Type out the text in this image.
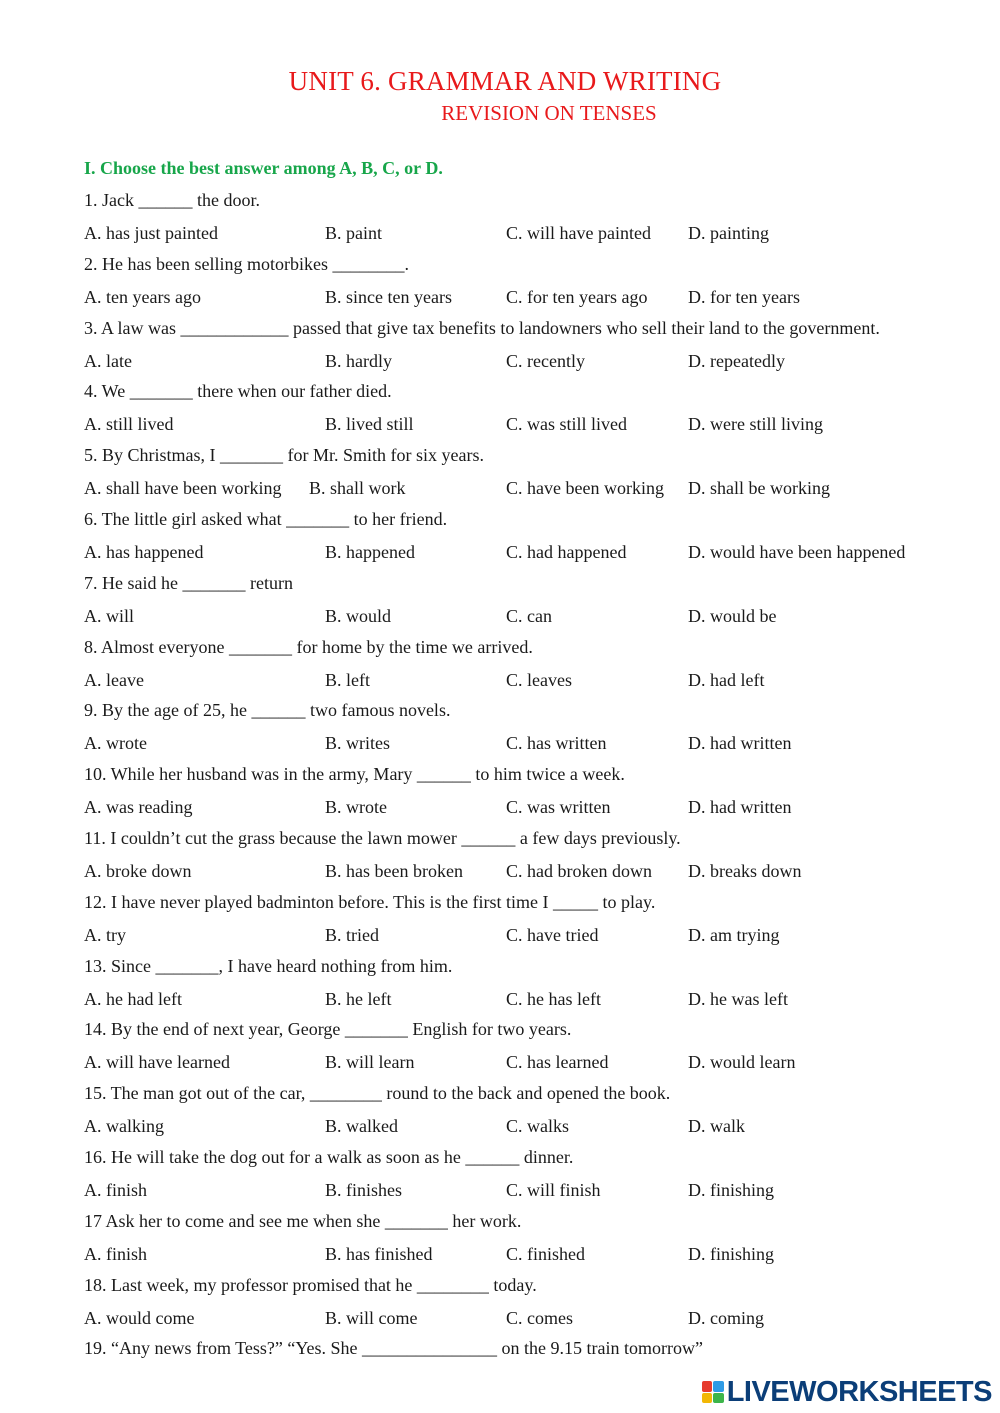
UNIT 6. GRAMMAR AND WRITING
REVISION ON TENSES
I. Choose the best answer among A, B, C, or D.
1. Jack ______ the door.
A. has just painted	B. paint	C. will have painted D. painting
2. He has been selling motorbikes ________.
A. ten years ago	B. since ten years	C. for ten years ago D. for ten years
3. A law was ____________ passed that give tax benefits to landowners who sell their land to the government.
A. late	B. hardly	C. recently	D. repeatedly
4. We _______ there when our father died.
A. still lived	B. lived still	C. was still lived	D. were still living
5. By Christmas, I _______ for Mr. Smith for six years.
A. shall have been working B. shall work	C. have been working D. shall be working
6. The little girl asked what _______ to her friend.
A. has happened	B. happened	C. had happened	D. would have been happened
7. He said he _______ return
A. will	B. would	C. can	D. would be
8. Almost everyone _______ for home by the time we arrived.
A. leave	B. left	C. leaves	D. had left
9. By the age of 25, he ______ two famous novels.
A. wrote	B. writes	C. has written	D. had written
10. While her husband was in the army, Mary ______ to him twice a week.
A. was reading	B. wrote	C. was written	D. had written
11. I couldn’t cut the grass because the lawn mower ______ a few days previously.
A. broke down	B. has been broken C. had broken down D. breaks down
12. I have never played badminton before. This is the first time I _____ to play.
A. try	B. tried	C. have tried	D. am trying
13. Since _______, I have heard nothing from him.
A. he had left	B. he left	C. he has left	D. he was left
14. By the end of next year, George _______ English for two years.
A. will have learned	B. will learn	C. has learned	D. would learn
15. The man got out of the car, ________ round to the back and opened the book.
A. walking	B. walked	C. walks	D. walk
16. He will take the dog out for a walk as soon as he ______ dinner.
A. finish	B. finishes	C. will finish	D. finishing
17 Ask her to come and see me when she _______ her work.
A. finish	B. has finished	C. finished	D. finishing
18. Last week, my professor promised that he ________ today.
A. would come	B. will come	C. comes	D. coming
19. “Any news from Tess?” “Yes. She _______________ on the 9.15 train tomorrow”
LIVEWORKSHEETS
